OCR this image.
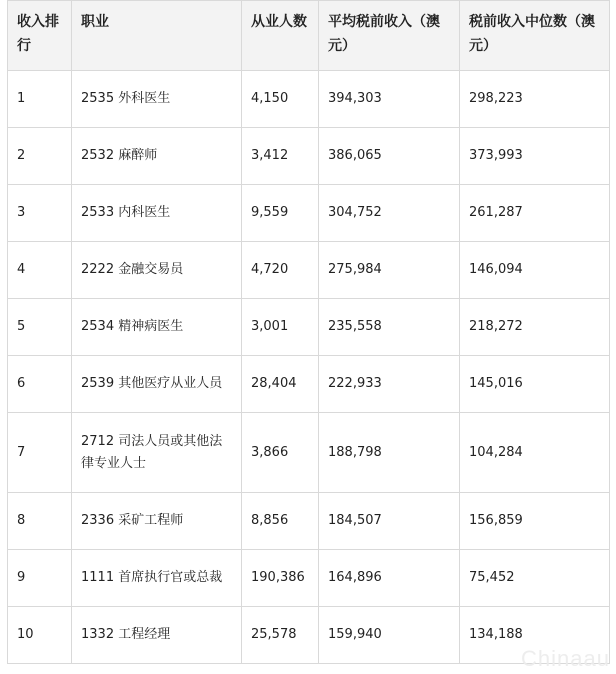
收入排行	职业	从业人数	平均税前收入（澳元）	税前收入中位数（澳元）
1	2535 外科医生	4,150	394,303	298,223
2	2532 麻醉师	3,412	386,065	373,993
3	2533 内科医生	9,559	304,752	261,287
4	2222 金融交易员	4,720	275,984	146,094
5	2534 精神病医生	3,001	235,558	218,272
6	2539 其他医疗从业人员	28,404	222,933	145,016
7	2712 司法人员或其他法律专业人士	3,866	188,798	104,284
8	2336 采矿工程师	8,856	184,507	156,859
9	1111 首席执行官或总裁	190,386	164,896	75,452
10	1332 工程经理	25,578	159,940	134,188
Chinaau
